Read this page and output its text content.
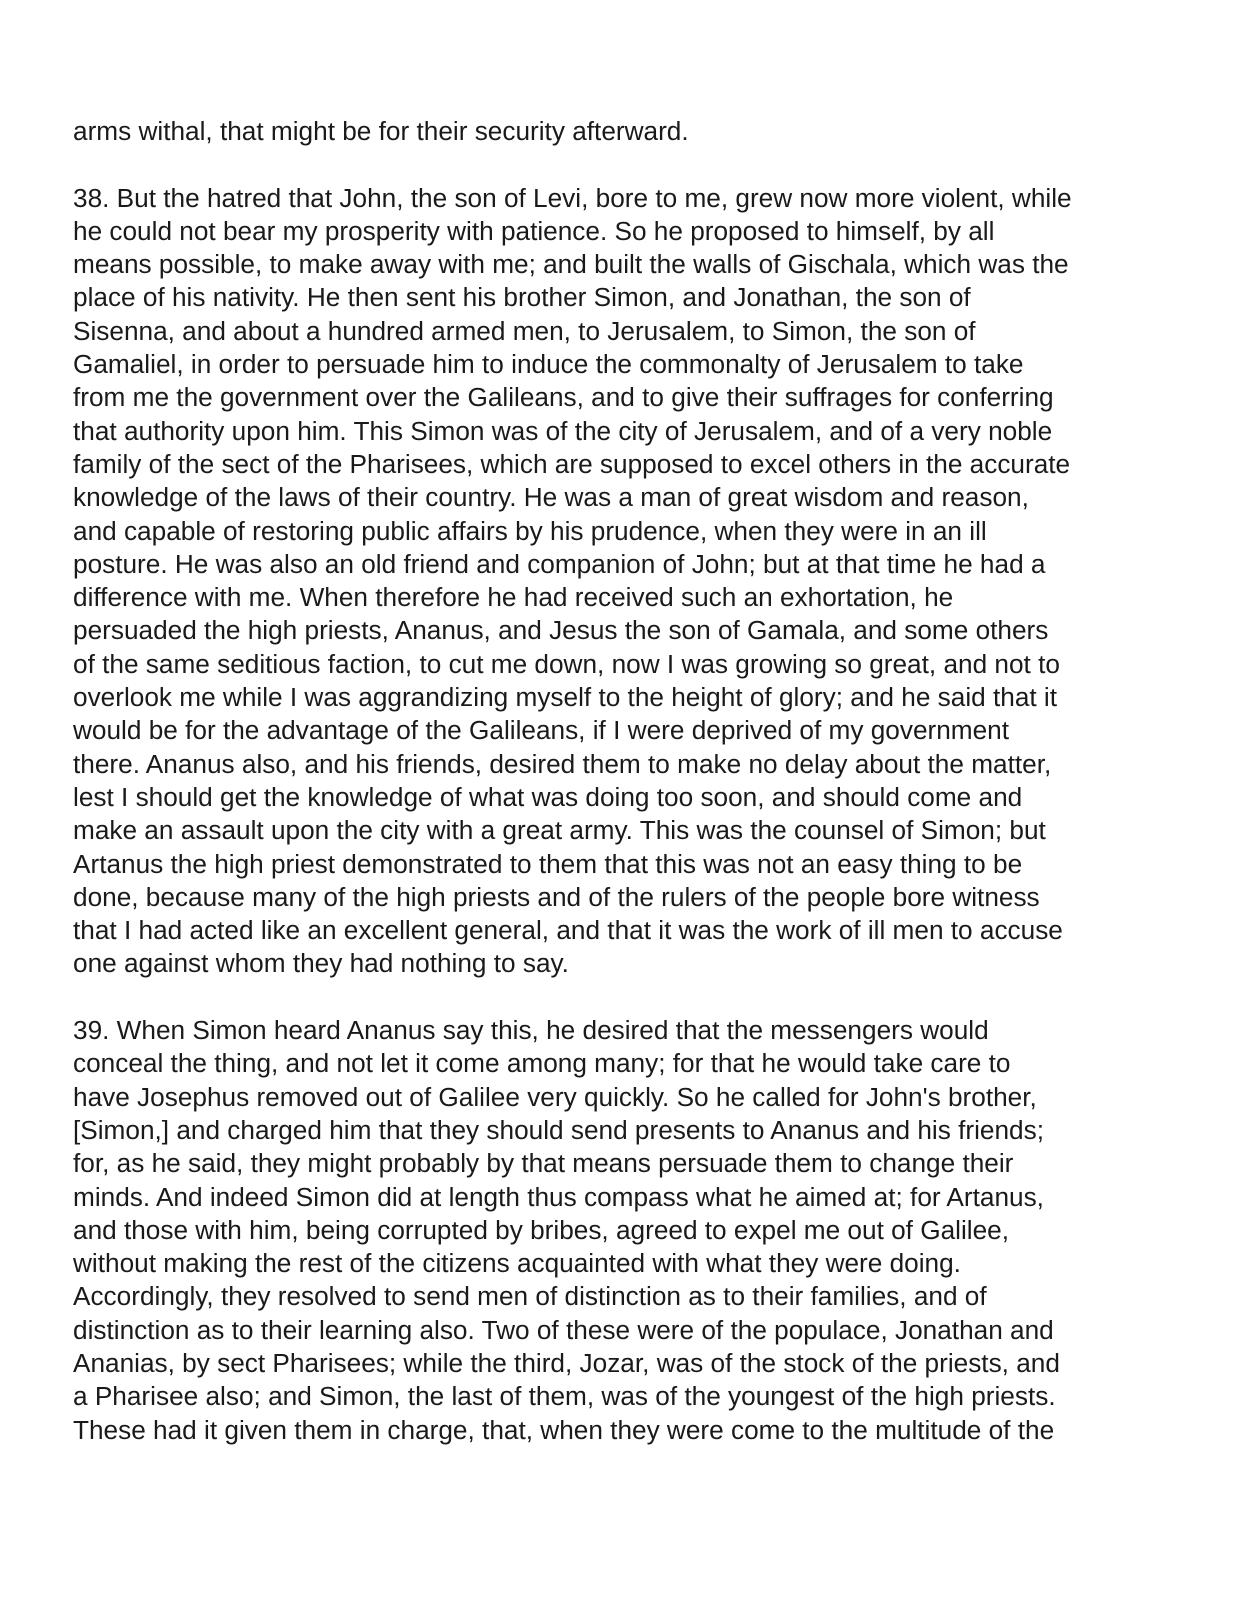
arms withal, that might be for their security afterward.

38. But the hatred that John, the son of Levi, bore to me, grew now more violent, while
he could not bear my prosperity with patience. So he proposed to himself, by all
means possible, to make away with me; and built the walls of Gischala, which was the
place of his nativity. He then sent his brother Simon, and Jonathan, the son of
Sisenna, and about a hundred armed men, to Jerusalem, to Simon, the son of
Gamaliel, in order to persuade him to induce the commonalty of Jerusalem to take
from me the government over the Galileans, and to give their suffrages for conferring
that authority upon him. This Simon was of the city of Jerusalem, and of a very noble
family of the sect of the Pharisees, which are supposed to excel others in the accurate
knowledge of the laws of their country. He was a man of great wisdom and reason,
and capable of restoring public affairs by his prudence, when they were in an ill
posture. He was also an old friend and companion of John; but at that time he had a
difference with me. When therefore he had received such an exhortation, he
persuaded the high priests, Ananus, and Jesus the son of Gamala, and some others
of the same seditious faction, to cut me down, now I was growing so great, and not to
overlook me while I was aggrandizing myself to the height of glory; and he said that it
would be for the advantage of the Galileans, if I were deprived of my government
there. Ananus also, and his friends, desired them to make no delay about the matter,
lest I should get the knowledge of what was doing too soon, and should come and
make an assault upon the city with a great army. This was the counsel of Simon; but
Artanus the high priest demonstrated to them that this was not an easy thing to be
done, because many of the high priests and of the rulers of the people bore witness
that I had acted like an excellent general, and that it was the work of ill men to accuse
one against whom they had nothing to say.

39. When Simon heard Ananus say this, he desired that the messengers would
conceal the thing, and not let it come among many; for that he would take care to
have Josephus removed out of Galilee very quickly. So he called for John's brother,
[Simon,] and charged him that they should send presents to Ananus and his friends;
for, as he said, they might probably by that means persuade them to change their
minds. And indeed Simon did at length thus compass what he aimed at; for Artanus,
and those with him, being corrupted by bribes, agreed to expel me out of Galilee,
without making the rest of the citizens acquainted with what they were doing.
Accordingly, they resolved to send men of distinction as to their families, and of
distinction as to their learning also. Two of these were of the populace, Jonathan and
Ananias, by sect Pharisees; while the third, Jozar, was of the stock of the priests, and
a Pharisee also; and Simon, the last of them, was of the youngest of the high priests.
These had it given them in charge, that, when they were come to the multitude of the
